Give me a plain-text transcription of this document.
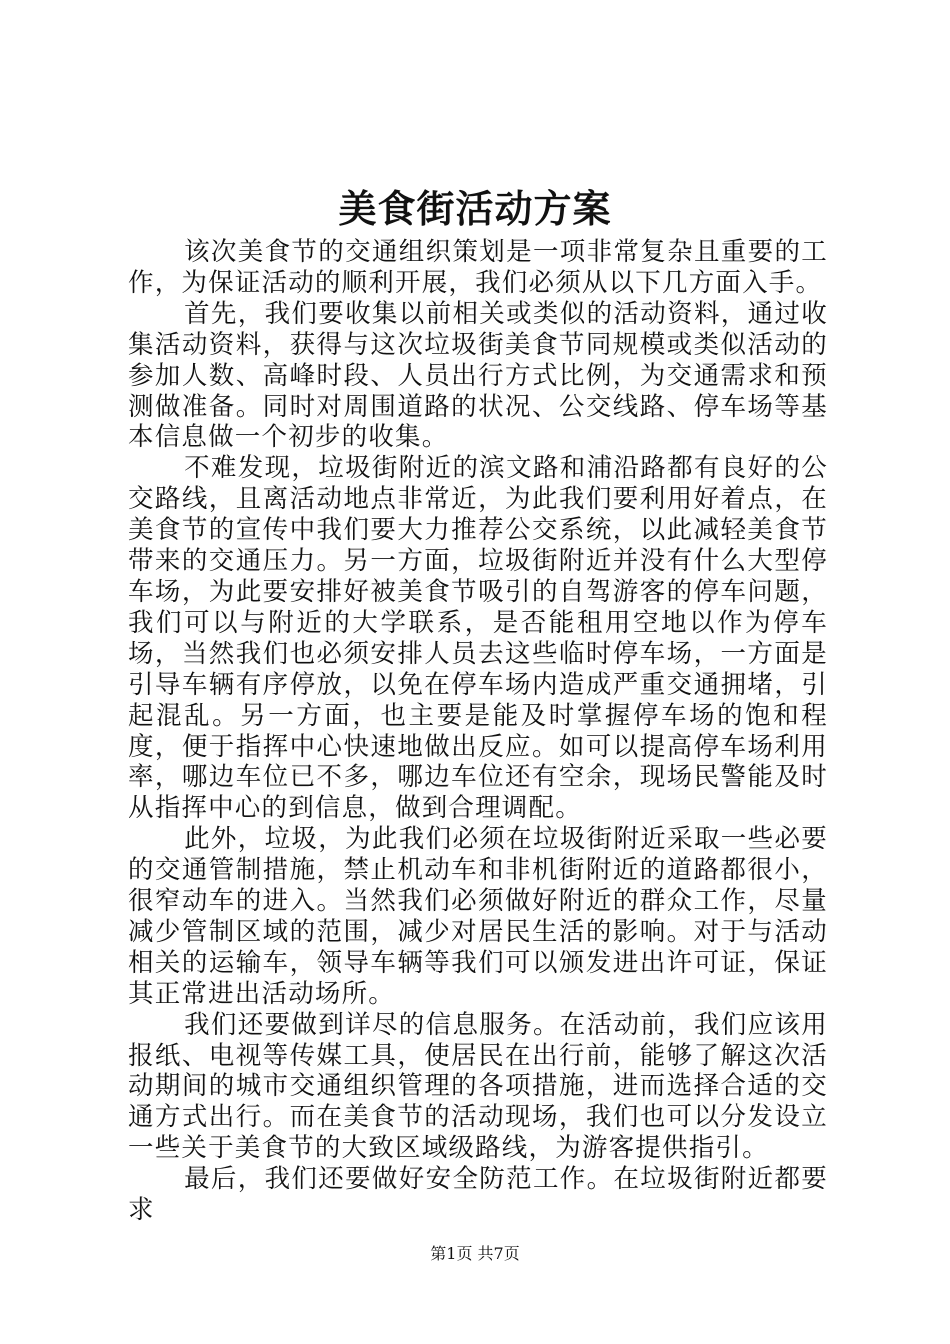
美食街活动方案

该次美食节的交通组织策划是一项非常复杂且重要的工作，为保证活动的顺利开展，我们必须从以下几方面入手。

首先，我们要收集以前相关或类似的活动资料，通过收集活动资料，获得与这次垃圾街美食节同规模或类似活动的参加人数、高峰时段、人员出行方式比例，为交通需求和预测做准备。同时对周围道路的状况、公交线路、停车场等基本信息做一个初步的收集。

不难发现，垃圾街附近的滨文路和浦沿路都有良好的公交路线，且离活动地点非常近，为此我们要利用好着点，在美食节的宣传中我们要大力推荐公交系统，以此减轻美食节带来的交通压力。另一方面，垃圾街附近并没有什么大型停车场，为此要安排好被美食节吸引的自驾游客的停车问题，我们可以与附近的大学联系，是否能租用空地以作为停车场，当然我们也必须安排人员去这些临时停车场，一方面是引导车辆有序停放，以免在停车场内造成严重交通拥堵，引起混乱。另一方面，也主要是能及时掌握停车场的饱和程度，便于指挥中心快速地做出反应。如可以提高停车场利用率，哪边车位已不多，哪边车位还有空余，现场民警能及时从指挥中心的到信息，做到合理调配。

此外，垃圾，为此我们必须在垃圾街附近采取一些必要的交通管制措施，禁止机动车和非机街附近的道路都很小，很窄动车的进入。当然我们必须做好附近的群众工作，尽量减少管制区域的范围，减少对居民生活的影响。对于与活动相关的运输车，领导车辆等我们可以颁发进出许可证，保证其正常进出活动场所。

我们还要做到详尽的信息服务。在活动前，我们应该用报纸、电视等传媒工具，使居民在出行前，能够了解这次活动期间的城市交通组织管理的各项措施，进而选择合适的交通方式出行。而在美食节的活动现场，我们也可以分发设立一些关于美食节的大致区域级路线，为游客提供指引。

最后，我们还要做好安全防范工作。在垃圾街附近都要求

第1页 共7页
